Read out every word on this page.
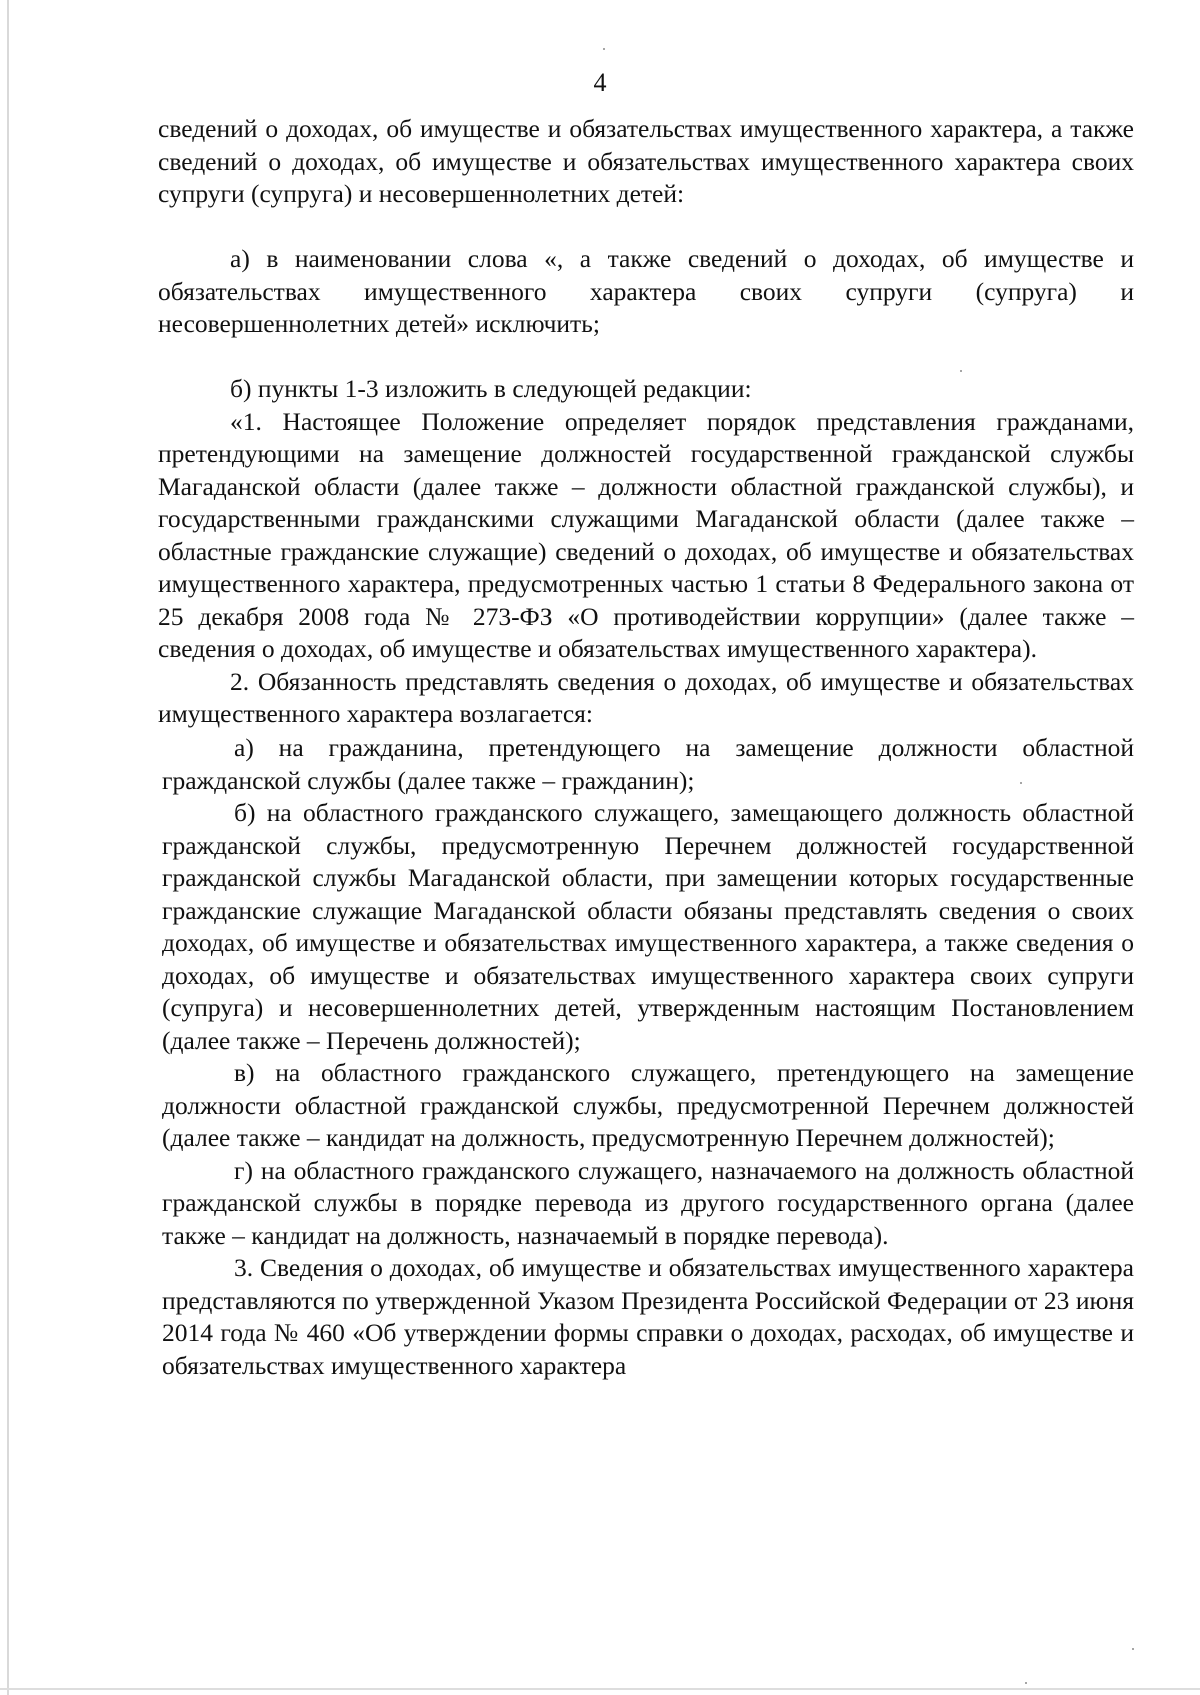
4

сведений о доходах, об имуществе и обязательствах имущественного характера, а также сведений о доходах, об имуществе и обязательствах имущественного характера своих супруги (супруга) и несовершеннолетних детей:

а) в наименовании слова «, а также сведений о доходах, об имуществе и обязательствах имущественного характера своих супруги (супруга) и несовершеннолетних детей» исключить;

б) пункты 1-3 изложить в следующей редакции:

«1. Настоящее Положение определяет порядок представления гражданами, претендующими на замещение должностей государственной гражданской службы Магаданской области (далее также – должности областной гражданской службы), и государственными гражданскими служащими Магаданской области (далее также – областные гражданские служащие) сведений о доходах, об имуществе и обязательствах имущественного характера, предусмотренных частью 1 статьи 8 Федерального закона от 25 декабря 2008 года № 273-ФЗ «О противодействии коррупции» (далее также – сведения о доходах, об имуществе и обязательствах имущественного характера).

2. Обязанность представлять сведения о доходах, об имуществе и обязательствах имущественного характера возлагается:

а) на гражданина, претендующего на замещение должности областной гражданской службы (далее также – гражданин);

б) на областного гражданского служащего, замещающего должность областной гражданской службы, предусмотренную Перечнем должностей государственной гражданской службы Магаданской области, при замещении которых государственные гражданские служащие Магаданской области обязаны представлять сведения о своих доходах, об имуществе и обязательствах имущественного характера, а также сведения о доходах, об имуществе и обязательствах имущественного характера своих супруги (супруга) и несовершеннолетних детей, утвержденным настоящим Постановлением (далее также – Перечень должностей);

в) на областного гражданского служащего, претендующего на замещение должности областной гражданской службы, предусмотренной Перечнем должностей (далее также – кандидат на должность, предусмотренную Перечнем должностей);

г) на областного гражданского служащего, назначаемого на должность областной гражданской службы в порядке перевода из другого государственного органа (далее также – кандидат на должность, назначаемый в порядке перевода).

3. Сведения о доходах, об имуществе и обязательствах имущественного характера представляются по утвержденной Указом Президента Российской Федерации от 23 июня 2014 года № 460 «Об утверждении формы справки о доходах, расходах, об имуществе и обязательствах имущественного характера
